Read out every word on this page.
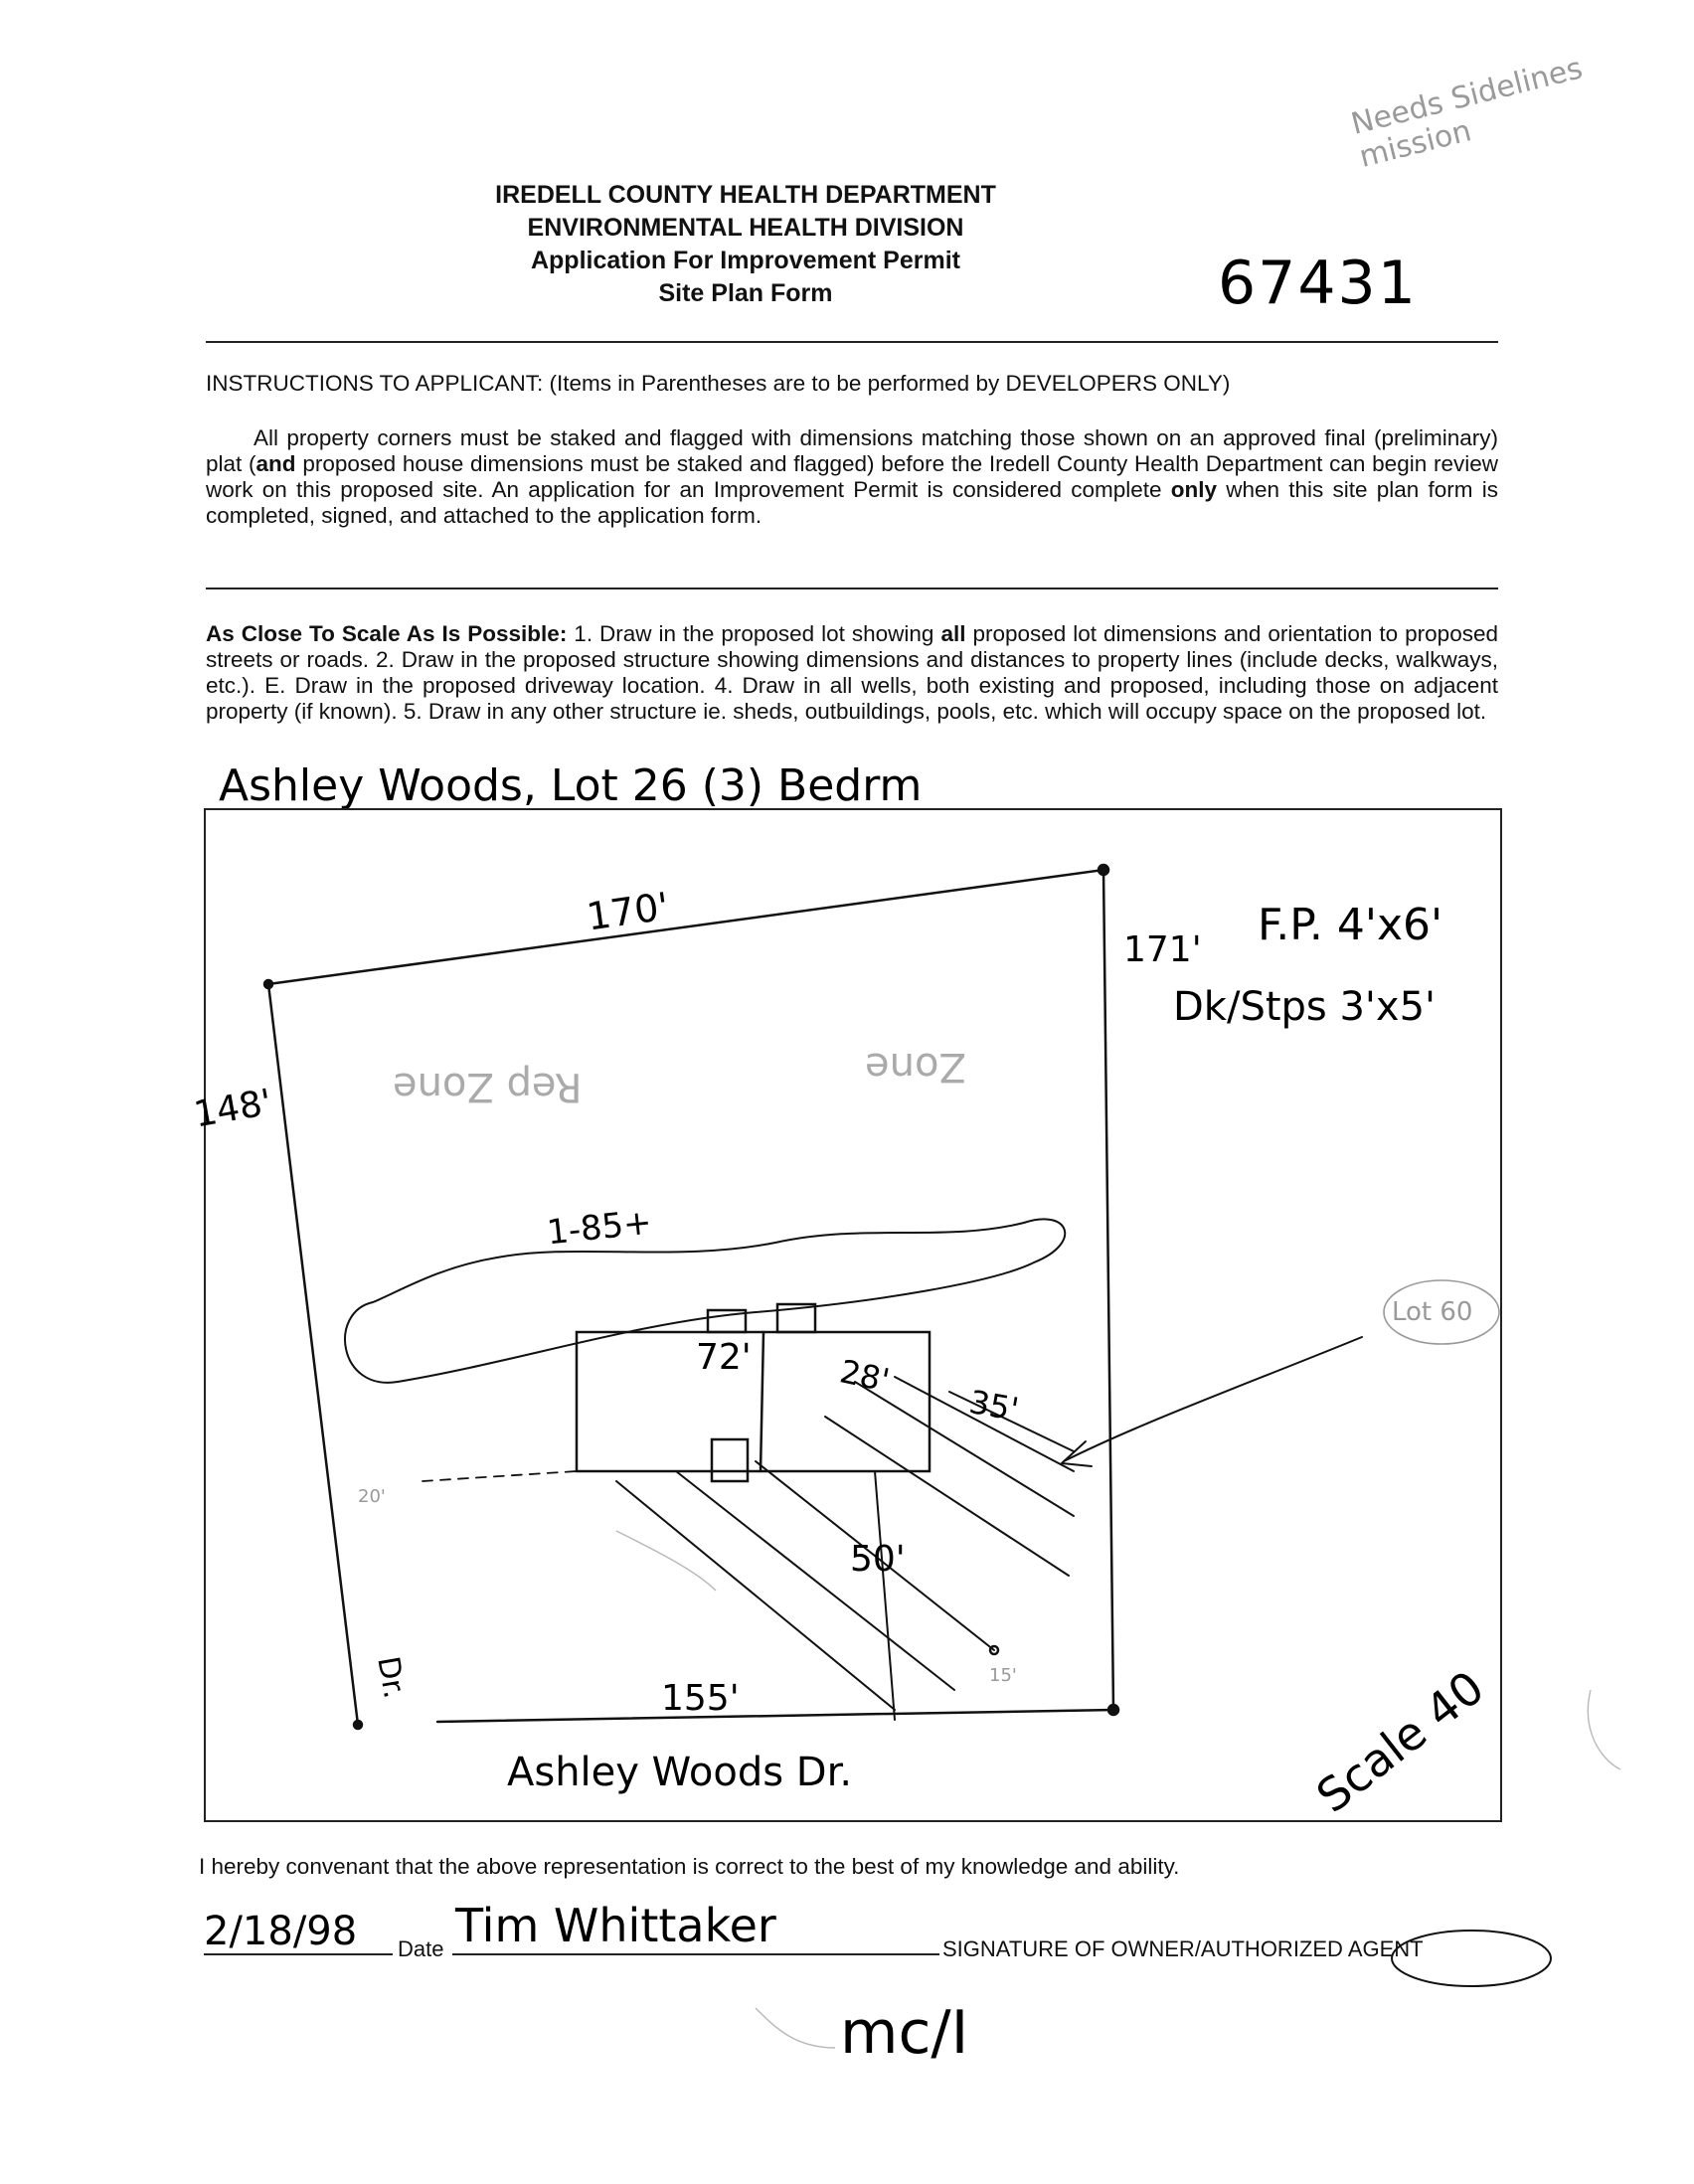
IREDELL COUNTY HEALTH DEPARTMENT
ENVIRONMENTAL HEALTH DIVISION
Application For Improvement Permit
Site Plan Form	67431
Needs Sidelines mission
INSTRUCTIONS TO APPLICANT: (Items in Parentheses are to be performed by DEVELOPERS ONLY)
All property corners must be staked and flagged with dimensions matching those shown on an approved final (preliminary) plat (and proposed house dimensions must be staked and flagged) before the Iredell County Health Department can begin review work on this proposed site. An application for an Improvement Permit is considered complete only when this site plan form is completed, signed, and attached to the application form.
As Close To Scale As Is Possible: 1. Draw in the proposed lot showing all proposed lot dimensions and orientation to proposed streets or roads. 2. Draw in the proposed structure showing dimensions and distances to property lines (include decks, walkways, etc.). E. Draw in the proposed driveway location. 4. Draw in all wells, both existing and proposed, including those on adjacent property (if known). 5. Draw in any other structure ie. sheds, outbuildings, pools, etc. which will occupy space on the proposed lot.
Ashley Woods, Lot 26 (3) Bedrm
170'
148'
171' F.P. 4'x6'
Dk/Stps 3'x5'
72'	28'
35'
50'
1-85+
155'
Ashley Woods Dr.
Dr.	Scale 40
Lot 60
Rep Zone	Zone
20'
15'
I hereby convenant that the above representation is correct to the best of my knowledge and ability.
2/18/98 Date Tim Whittaker	SIGNATURE OF OWNER/AUTHORIZED AGENT
mc/I
